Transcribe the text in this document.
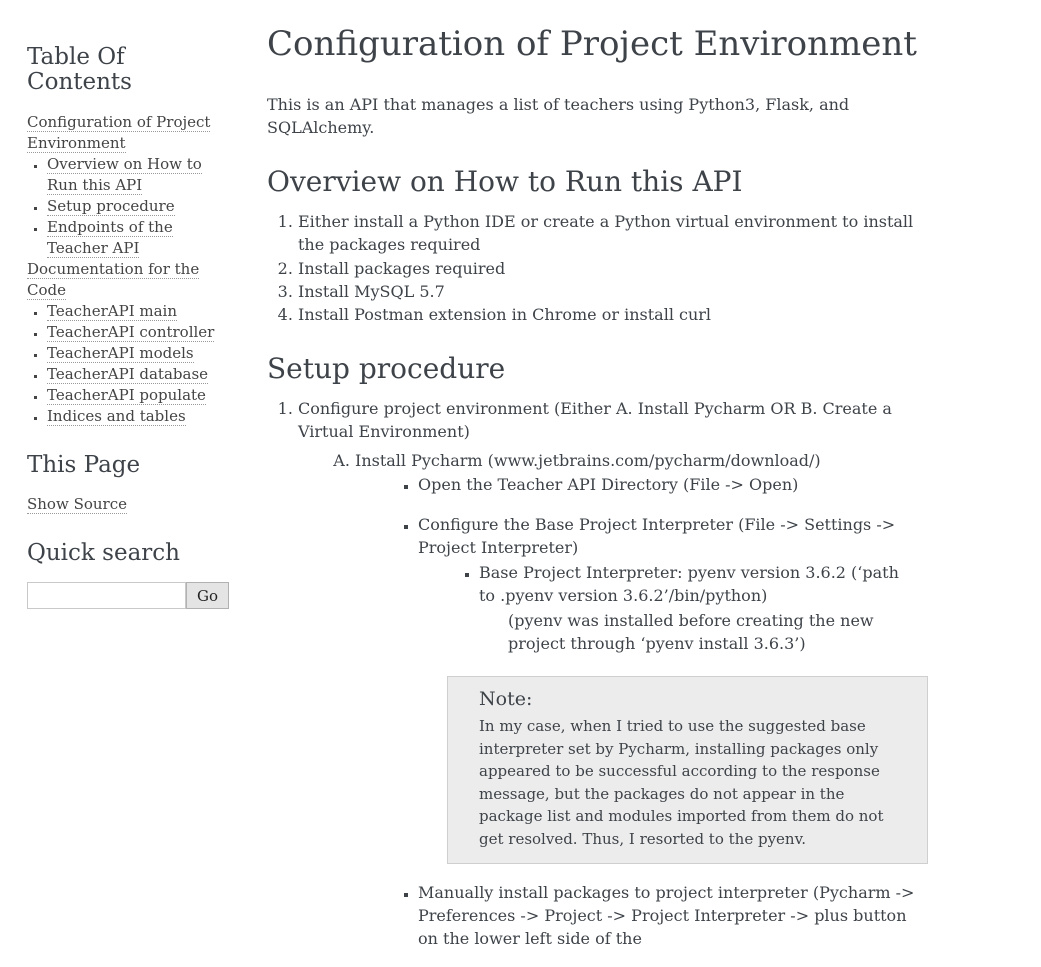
Table Of Contents
Configuration of Project Environment
▪ Overview on How to Run this API
▪ Setup procedure
▪ Endpoints of the Teacher API
Documentation for the Code
▪ TeacherAPI main
▪ TeacherAPI controller
▪ TeacherAPI models
▪ TeacherAPI database
▪ TeacherAPI populate
▪ Indices and tables
This Page

Show Source

Quick search
Go
Configuration of Project Environment

This is an API that manages a list of teachers using Python3, Flask, and SQLAlchemy.

Overview on How to Run this API
1. Either install a Python IDE or create a Python virtual environment to install the packages required
2. Install packages required
3. Install MySQL 5.7
4. Install Postman extension in Chrome or install curl
Setup procedure

1. Configure project environment (Either A. Install Pycharm OR B. Create a Virtual Environment)

A. Install Pycharm (www.jetbrains.com/pycharm/download/)

▪ Open the Teacher API Directory (File -> Open)

▪ Configure the Base Project Interpreter (File -> Settings -> Project Interpreter)

▪ Base Project Interpreter: pyenv version 3.6.2 (‘path to .pyenv version 3.6.2’/bin/python)

(pyenv was installed before creating the new project through ‘pyenv install 3.6.3’)

Note:

In my case, when I tried to use the suggested base interpreter set by Pycharm, installing packages only appeared to be successful according to the response message, but the packages do not appear in the package list and modules imported from them do not get resolved. Thus, I resorted to the pyenv.

▪ Manually install packages to project interpreter (Pycharm -> Preferences -> Project -> Project Interpreter -> plus button on the lower left side of the
